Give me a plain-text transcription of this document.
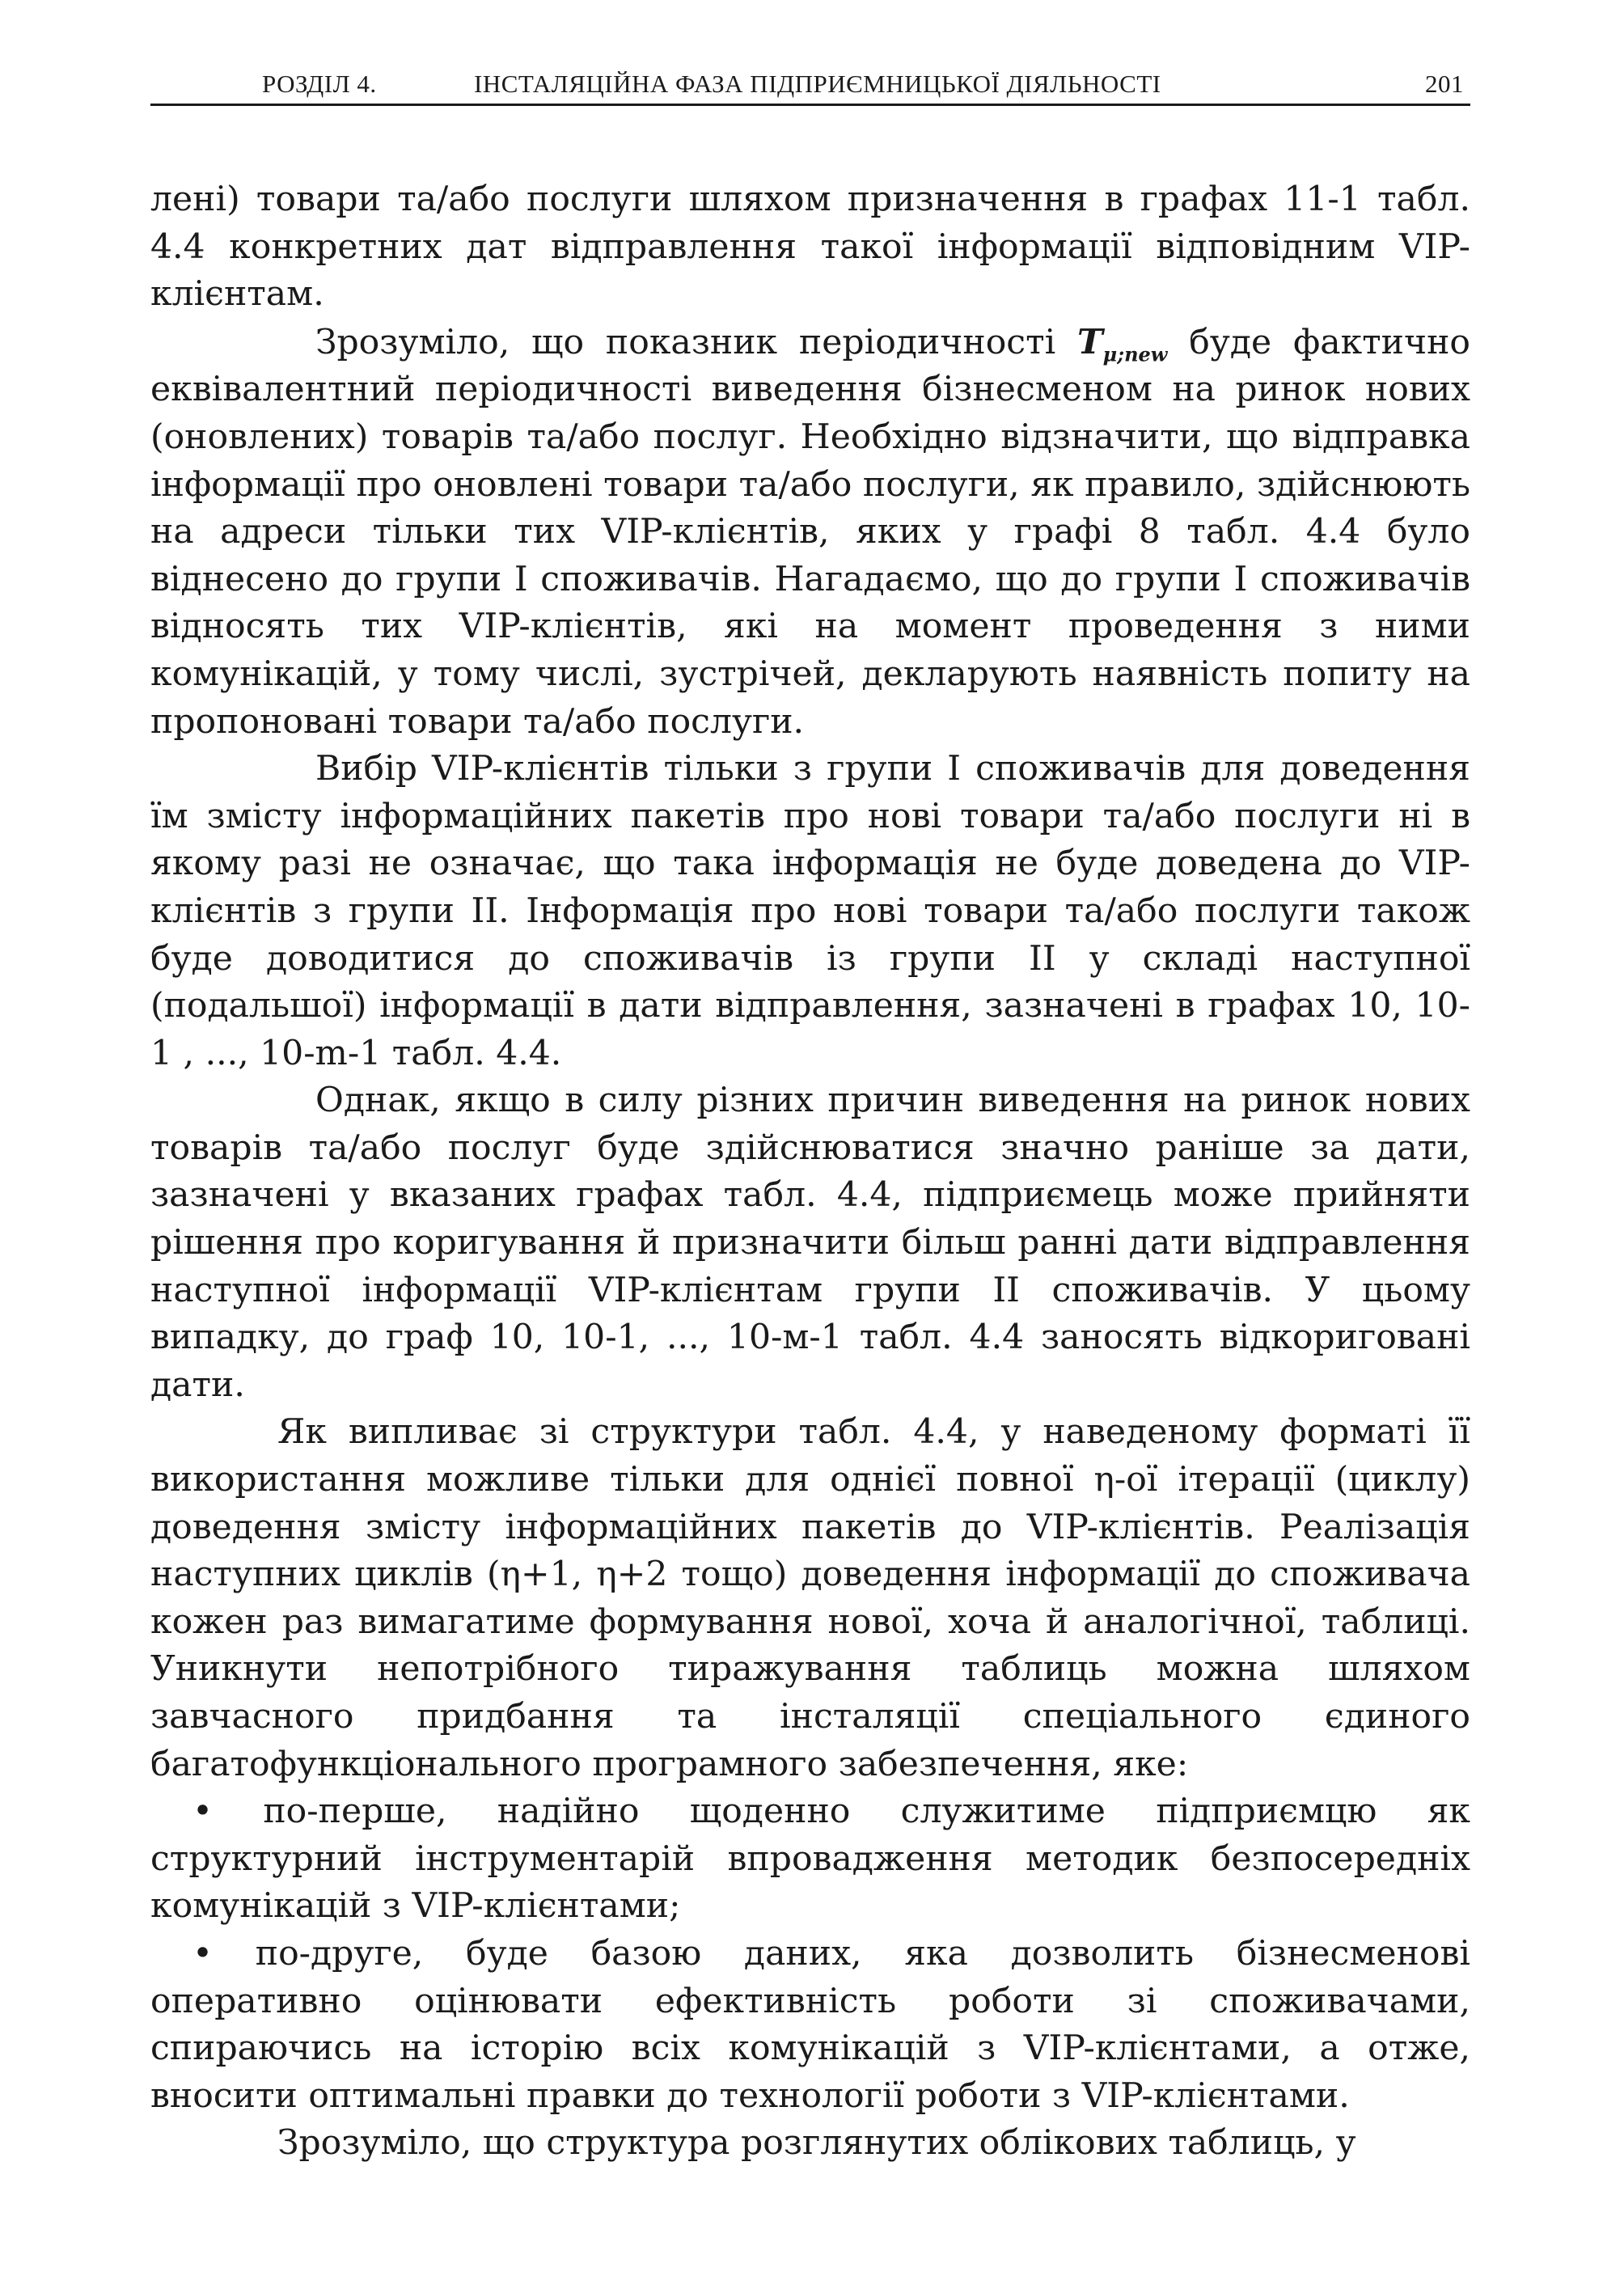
РОЗДІЛ 4.	ІНСТАЛЯЦІЙНА ФАЗА ПІДПРИЄМНИЦЬКОЇ ДІЯЛЬНОСТІ	201

лені) товари та/або послуги шляхом призначення в графах 11-1 табл. 4.4 конкретних дат відправлення такої інформації відповідним VIP-клієнтам.

Зрозуміло, що показник періодичності $T_{\mu;new}$ буде фактично еквівалентний періодичності виведення бізнесменом на ринок нових (оновлених) товарів та/або послуг. Необхідно відзначити, що відправка інформації про оновлені товари та/або послуги, як правило, здійснюють на адреси тільки тих VIP-клієнтів, яких у графі 8 табл. 4.4 було віднесено до групи І споживачів. Нагадаємо, що до групи І споживачів відносять тих VIP-клієнтів, які на момент проведення з ними комунікацій, у тому числі, зустрічей, декларують наявність попиту на пропоновані товари та/або послуги.

Вибір VIP-клієнтів тільки з групи І споживачів для доведення їм змісту інформаційних пакетів про нові товари та/або послуги ні в якому разі не означає, що така інформація не буде доведена до VIP-клієнтів з групи ІІ. Інформація про нові товари та/або послуги також буде доводитися до споживачів із групи ІІ у складі наступної (подальшої) інформації в дати відправлення, зазначені в графах 10, 10-1 , ..., 10-m-1 табл. 4.4.

Однак, якщо в силу різних причин виведення на ринок нових товарів та/або послуг буде здійснюватися значно раніше за дати, зазначені у вказаних графах табл. 4.4, підприємець може прийняти рішення про коригування й призначити більш ранні дати відправлення наступної інформації VIP-клієнтам групи ІІ споживачів. У цьому випадку, до граф 10, 10-1, ..., 10-м-1 табл. 4.4 заносять відкориговані дати.

Як випливає зі структури табл. 4.4, у наведеному форматі її використання можливе тільки для однієї повної η-ої ітерації (циклу) доведення змісту інформаційних пакетів до VIP-клієнтів. Реалізація наступних циклів (η+1, η+2 тощо) доведення інформації до споживача кожен раз вимагатиме формування нової, хоча й аналогічної, таблиці. Уникнути непотрібного тиражування таблиць можна шляхом завчасного придбання та інсталяції спеціального єдиного багатофункціонального програмного забезпечення, яке:

• по-перше, надійно щоденно служитиме підприємцю як структурний інструментарій впровадження методик безпосередніх комунікацій з VIP-клієнтами;

• по-друге, буде базою даних, яка дозволить бізнесменові оперативно оцінювати ефективність роботи зі споживачами, спираючись на історію всіх комунікацій з VIP-клієнтами, а отже, вносити оптимальні правки до технології роботи з VIP-клієнтами.

Зрозуміло, що структура розглянутих облікових таблиць, у
